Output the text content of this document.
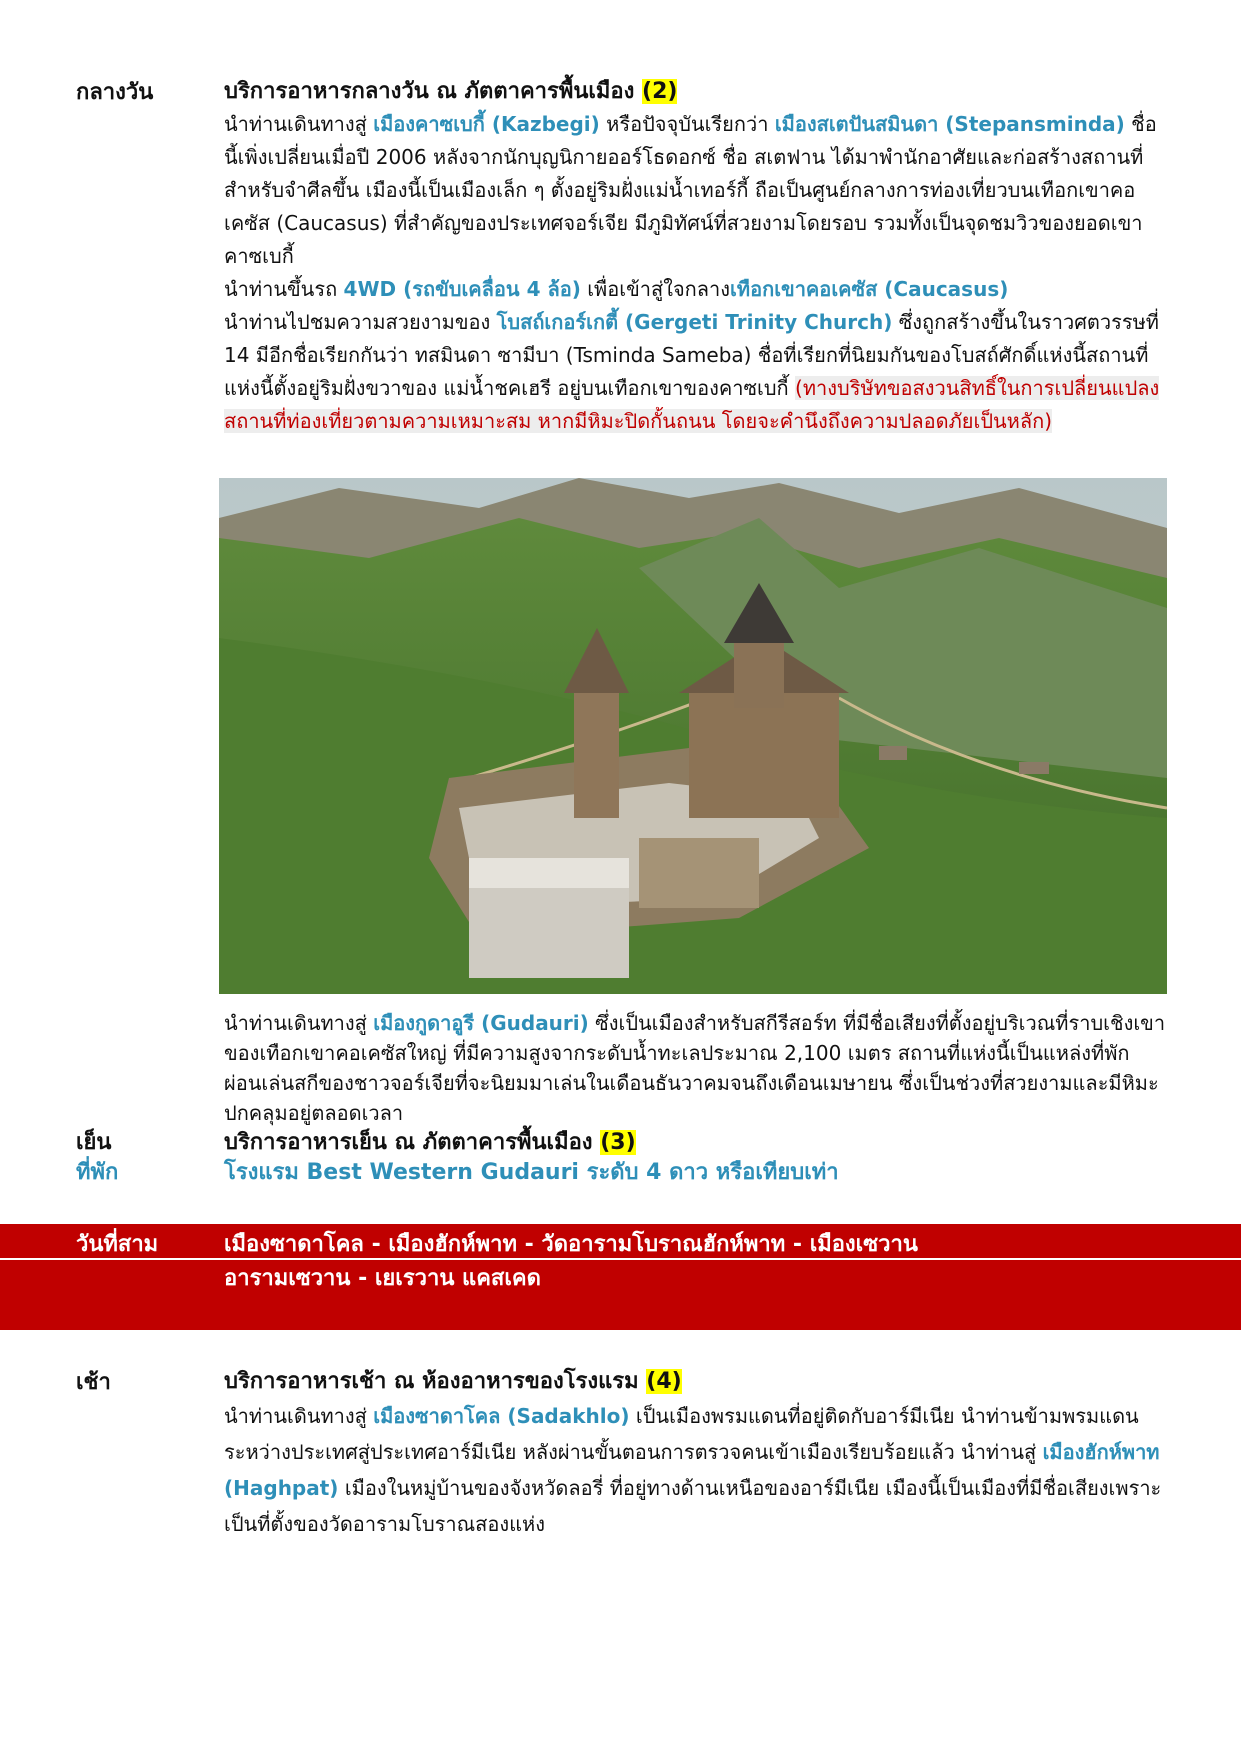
กลางวัน	บริการอาหารกลางวัน ณ ภัตตาคารพื้นเมือง (2)

นำท่านเดินทางสู่ เมืองคาซเบกี้ (Kazbegi) หรือปัจจุบันเรียกว่า เมืองสเตปันสมินดา (Stepansminda) ชื่อนี้เพิ่งเปลี่ยนเมื่อปี 2006 หลังจากนักบุญนิกายออร์โธดอกซ์ ชื่อ สเตฟาน ได้มาพำนักอาศัยและก่อสร้างสถานที่สำหรับจำศีลขึ้น เมืองนี้เป็นเมืองเล็ก ๆ ตั้งอยู่ริมฝั่งแม่น้ำเทอร์กี้ ถือเป็นศูนย์กลางการท่องเที่ยวบนเทือกเขาคอเคซัส (Caucasus) ที่สำคัญของประเทศจอร์เจีย มีภูมิทัศน์ที่สวยงามโดยรอบ รวมทั้งเป็นจุดชมวิวของยอดเขาคาซเบกี้

นำท่านขึ้นรถ 4WD (รถขับเคลื่อน 4 ล้อ) เพื่อเข้าสู่ใจกลางเทือกเขาคอเคซัส (Caucasus)

นำท่านไปชมความสวยงามของ โบสถ์เกอร์เกตี้ (Gergeti Trinity Church) ซึ่งถูกสร้างขึ้นในราวศตวรรษที่ 14 มีอีกชื่อเรียกกันว่า ทสมินดา ซามีบา (Tsminda Sameba) ชื่อที่เรียกที่นิยมกันของโบสถ์ศักดิ์แห่งนี้สถานที่แห่งนี้ตั้งอยู่ริมฝั่งขวาของ แม่น้ำชคเฮรี อยู่บนเทือกเขาของคาซเบกี้ (ทางบริษัทขอสงวนสิทธิ์ในการเปลี่ยนแปลงสถานที่ท่องเที่ยวตามความเหมาะสม หากมีหิมะปิดกั้นถนน โดยจะคำนึงถึงความปลอดภัยเป็นหลัก)

นำท่านเดินทางสู่ เมืองกูดาอูรี (Gudauri) ซึ่งเป็นเมืองสำหรับสกีรีสอร์ท ที่มีชื่อเสียงที่ตั้งอยู่บริเวณที่ราบเชิงเขาของเทือกเขาคอเคซัสใหญ่ ที่มีความสูงจากระดับน้ำทะเลประมาณ 2,100 เมตร สถานที่แห่งนี้เป็นแหล่งที่พักผ่อนเล่นสกีของชาวจอร์เจียที่จะนิยมมาเล่นในเดือนธันวาคมจนถึงเดือนเมษายน ซึ่งเป็นช่วงที่สวยงามและมีหิมะปกคลุมอยู่ตลอดเวลา

เย็น	บริการอาหารเย็น ณ ภัตตาคารพื้นเมือง (3)
ที่พัก	โรงแรม Best Western Gudauri ระดับ 4 ดาว หรือเทียบเท่า
วันที่สาม	เมืองซาดาโคล - เมืองฮักห์พาท - วัดอารามโบราณฮักห์พาท - เมืองเซวาน
อารามเซวาน - เยเรวาน แคสเคด
เช้า	บริการอาหารเช้า ณ ห้องอาหารของโรงแรม (4)

นำท่านเดินทางสู่ เมืองซาดาโคล (Sadakhlo) เป็นเมืองพรมแดนที่อยู่ติดกับอาร์มีเนีย นำท่านข้ามพรมแดนระหว่างประเทศสู่ประเทศอาร์มีเนีย หลังผ่านขั้นตอนการตรวจคนเข้าเมืองเรียบร้อยแล้ว นำท่านสู่ เมืองฮักห์พาท (Haghpat) เมืองในหมู่บ้านของจังหวัดลอรี่ ที่อยู่ทางด้านเหนือของอาร์มีเนีย เมืองนี้เป็นเมืองที่มีชื่อเสียงเพราะเป็นที่ตั้งของวัดอารามโบราณสองแห่ง
